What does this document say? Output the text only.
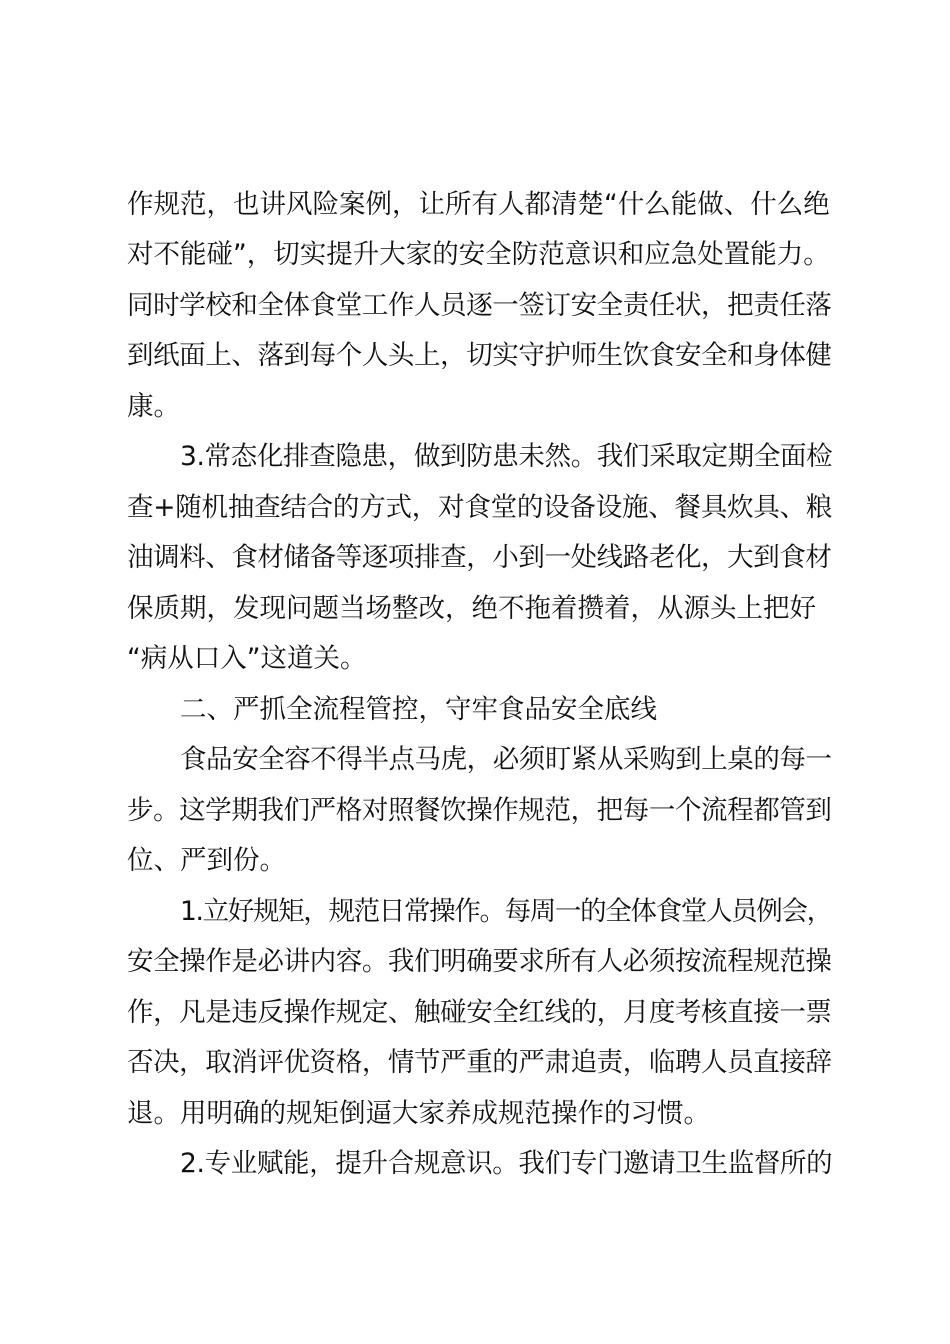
作规范，也讲风险案例，让所有人都清楚“什么能做、什么绝
对不能碰”，切实提升大家的安全防范意识和应急处置能力。
同时学校和全体食堂工作人员逐一签订安全责任状，把责任落
到纸面上、落到每个人头上，切实守护师生饮食安全和身体健
康。
3.常态化排查隐患，做到防患未然。我们采取定期全面检
查+随机抽查结合的方式，对食堂的设备设施、餐具炊具、粮
油调料、食材储备等逐项排查，小到一处线路老化，大到食材
保质期，发现问题当场整改，绝不拖着攒着，从源头上把好
“病从口入”这道关。
二、严抓全流程管控，守牢食品安全底线
食品安全容不得半点马虎，必须盯紧从采购到上桌的每一
步。这学期我们严格对照餐饮操作规范，把每一个流程都管到
位、严到份。
1.立好规矩，规范日常操作。每周一的全体食堂人员例会，
安全操作是必讲内容。我们明确要求所有人必须按流程规范操
作，凡是违反操作规定、触碰安全红线的，月度考核直接一票
否决，取消评优资格，情节严重的严肃追责，临聘人员直接辞
退。用明确的规矩倒逼大家养成规范操作的习惯。
2.专业赋能，提升合规意识。我们专门邀请卫生监督所的
